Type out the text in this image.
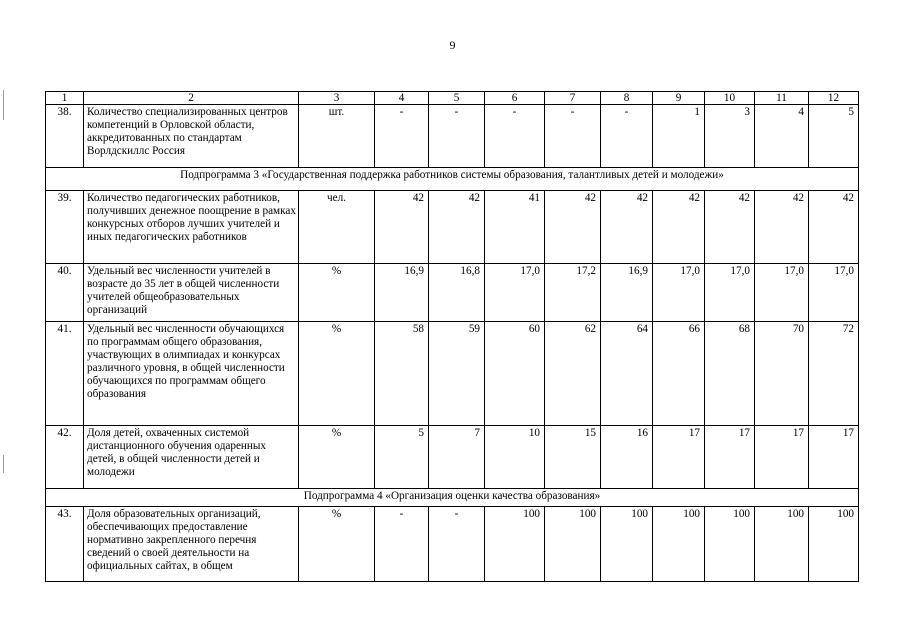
9
1	2	3	4	5	6	7	8	9	10	11	12
38.	Количество специализированных центров компетенций в Орловской области, аккредитованных по стандартам Ворлдскиллс Россия	шт.	-	-	-	-	-	1	3	4	5
Подпрограмма 3 «Государственная поддержка работников системы образования, талантливых детей и молодежи»											
39.	Количество педагогических работников, получивших денежное поощрение в рамках конкурсных отборов лучших учителей и иных педагогических работников	чел.	42	42	41	42	42	42	42	42	42
40.	Удельный вес численности учителей в возрасте до 35 лет в общей численности учителей общеобразовательных организаций	%	16,9	16,8	17,0	17,2	16,9	17,0	17,0	17,0	17,0
41.	Удельный вес численности обучающихся по программам общего образования, участвующих в олимпиадах и конкурсах различного уровня, в общей численности обучающихся по программам общего образования	%	58	59	60	62	64	66	68	70	72
42.	Доля детей, охваченных системой дистанционного обучения одаренных детей, в общей численности детей и молодежи	%	5	7	10	15	16	17	17	17	17
Подпрограмма 4 «Организация оценки качества образования»											
43.	Доля образовательных организаций, обеспечивающих предоставление нормативно закрепленного перечня сведений о своей деятельности на официальных сайтах, в общем	%	-	-	100	100	100	100	100	100	100
